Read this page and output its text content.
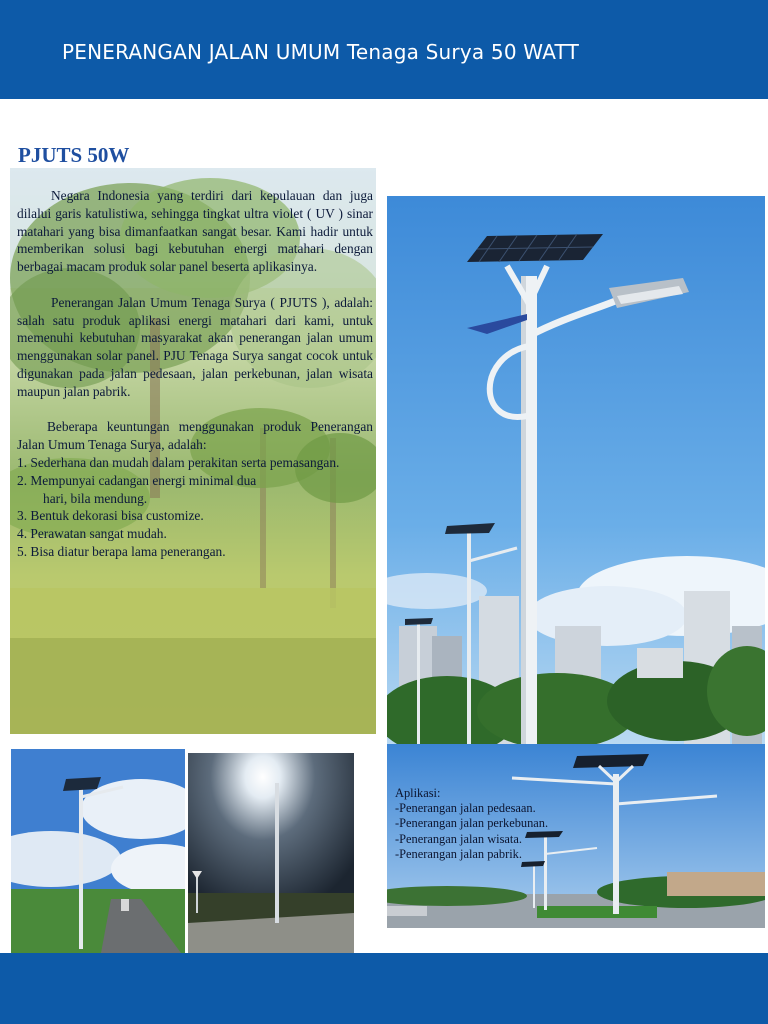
PENERANGAN JALAN UMUM Tenaga Surya 50 WATT
PJUTS 50W

Negara Indonesia yang terdiri dari kepulauan dan juga dilalui garis katulistiwa, sehingga tingkat ultra violet ( UV ) sinar matahari yang bisa dimanfaatkan sangat besar. Kami hadir untuk memberikan solusi bagi kebutuhan energi matahari dengan berbagai macam produk solar panel beserta aplikasinya.

Penerangan Jalan Umum Tenaga Surya ( PJUTS ), adalah: salah satu produk aplikasi energi matahari dari kami, untuk memenuhi kebutuhan masyarakat akan penerangan jalan umum menggunakan solar panel. PJU Tenaga Surya sangat cocok untuk digunakan pada jalan pedesaan, jalan perkebunan, jalan wisata maupun jalan pabrik.

Beberapa keuntungan menggunakan produk Penerangan Jalan Umum Tenaga Surya, adalah:

1. Sederhana dan mudah dalam perakitan serta pemasangan.
2. Mempunyai cadangan energi minimal dua
hari, bila mendung.
3. Bentuk dekorasi bisa customize.
4. Perawatan sangat mudah.
5. Bisa diatur berapa lama penerangan.
Aplikasi:
-Penerangan jalan pedesaan.
-Penerangan jalan perkebunan.
-Penerangan jalan wisata.
-Penerangan jalan pabrik.
